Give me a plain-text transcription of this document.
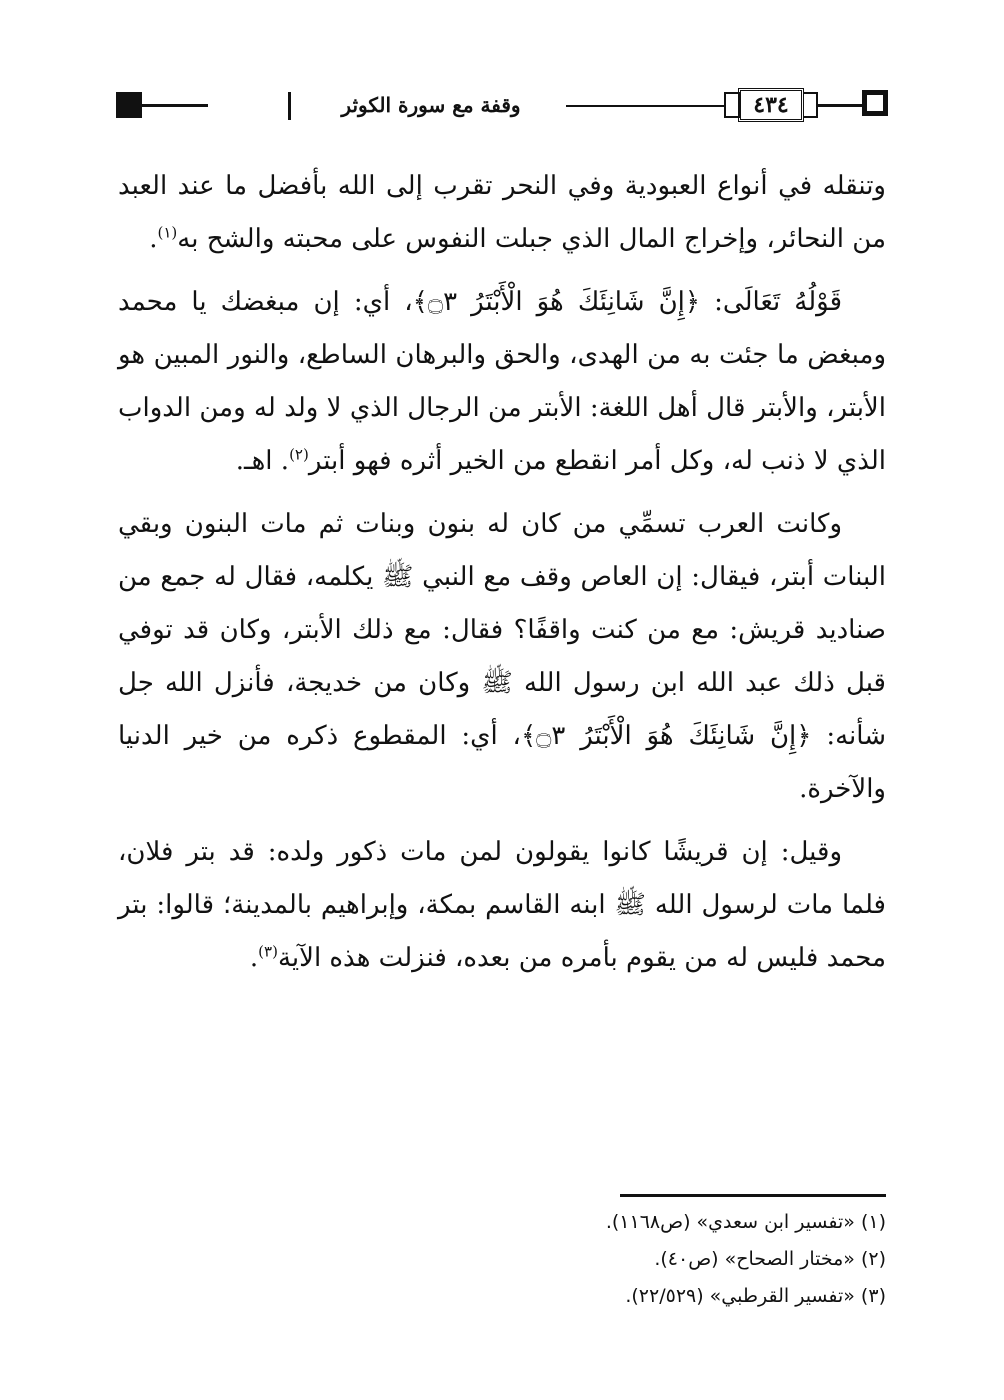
٤٣٤
وقفة مع سورة الكوثر

وتنقله في أنواع العبودية وفي النحر تقرب إلى الله بأفضل ما عند العبد من النحائر، وإخراج المال الذي جبلت النفوس على محبته والشح به$^{(١)}$.

قَوْلُهُ تَعَالَى: ﴿إِنَّ شَانِئَكَ هُوَ الْأَبْتَرُ ۝٣﴾، أي: إن مبغضك يا محمد ومبغض ما جئت به من الهدى، والحق والبرهان الساطع، والنور المبين هو الأبتر، والأبتر قال أهل اللغة: الأبتر من الرجال الذي لا ولد له ومن الدواب الذي لا ذنب له، وكل أمر انقطع من الخير أثره فهو أبتر$^{(٢)}$. اهـ.

وكانت العرب تسمِّي من كان له بنون وبنات ثم مات البنون وبقي البنات أبتر، فيقال: إن العاص وقف مع النبي ﷺ يكلمه، فقال له جمع من صناديد قريش: مع من كنت واقفًا؟ فقال: مع ذلك الأبتر، وكان قد توفي قبل ذلك عبد الله ابن رسول الله ﷺ وكان من خديجة، فأنزل الله جل شأنه: ﴿إِنَّ شَانِئَكَ هُوَ الْأَبْتَرُ ۝٣﴾، أي: المقطوع ذكره من خير الدنيا والآخرة.

وقيل: إن قريشًا كانوا يقولون لمن مات ذكور ولده: قد بتر فلان، فلما مات لرسول الله ﷺ ابنه القاسم بمكة، وإبراهيم بالمدينة؛ قالوا: بتر محمد فليس له من يقوم بأمره من بعده، فنزلت هذه الآية$^{(٣)}$.

(١) «تفسير ابن سعدي» (ص١١٦٨).
(٢) «مختار الصحاح» (ص٤٠).
(٣) «تفسير القرطبي» (٢٢/٥٢٩).
